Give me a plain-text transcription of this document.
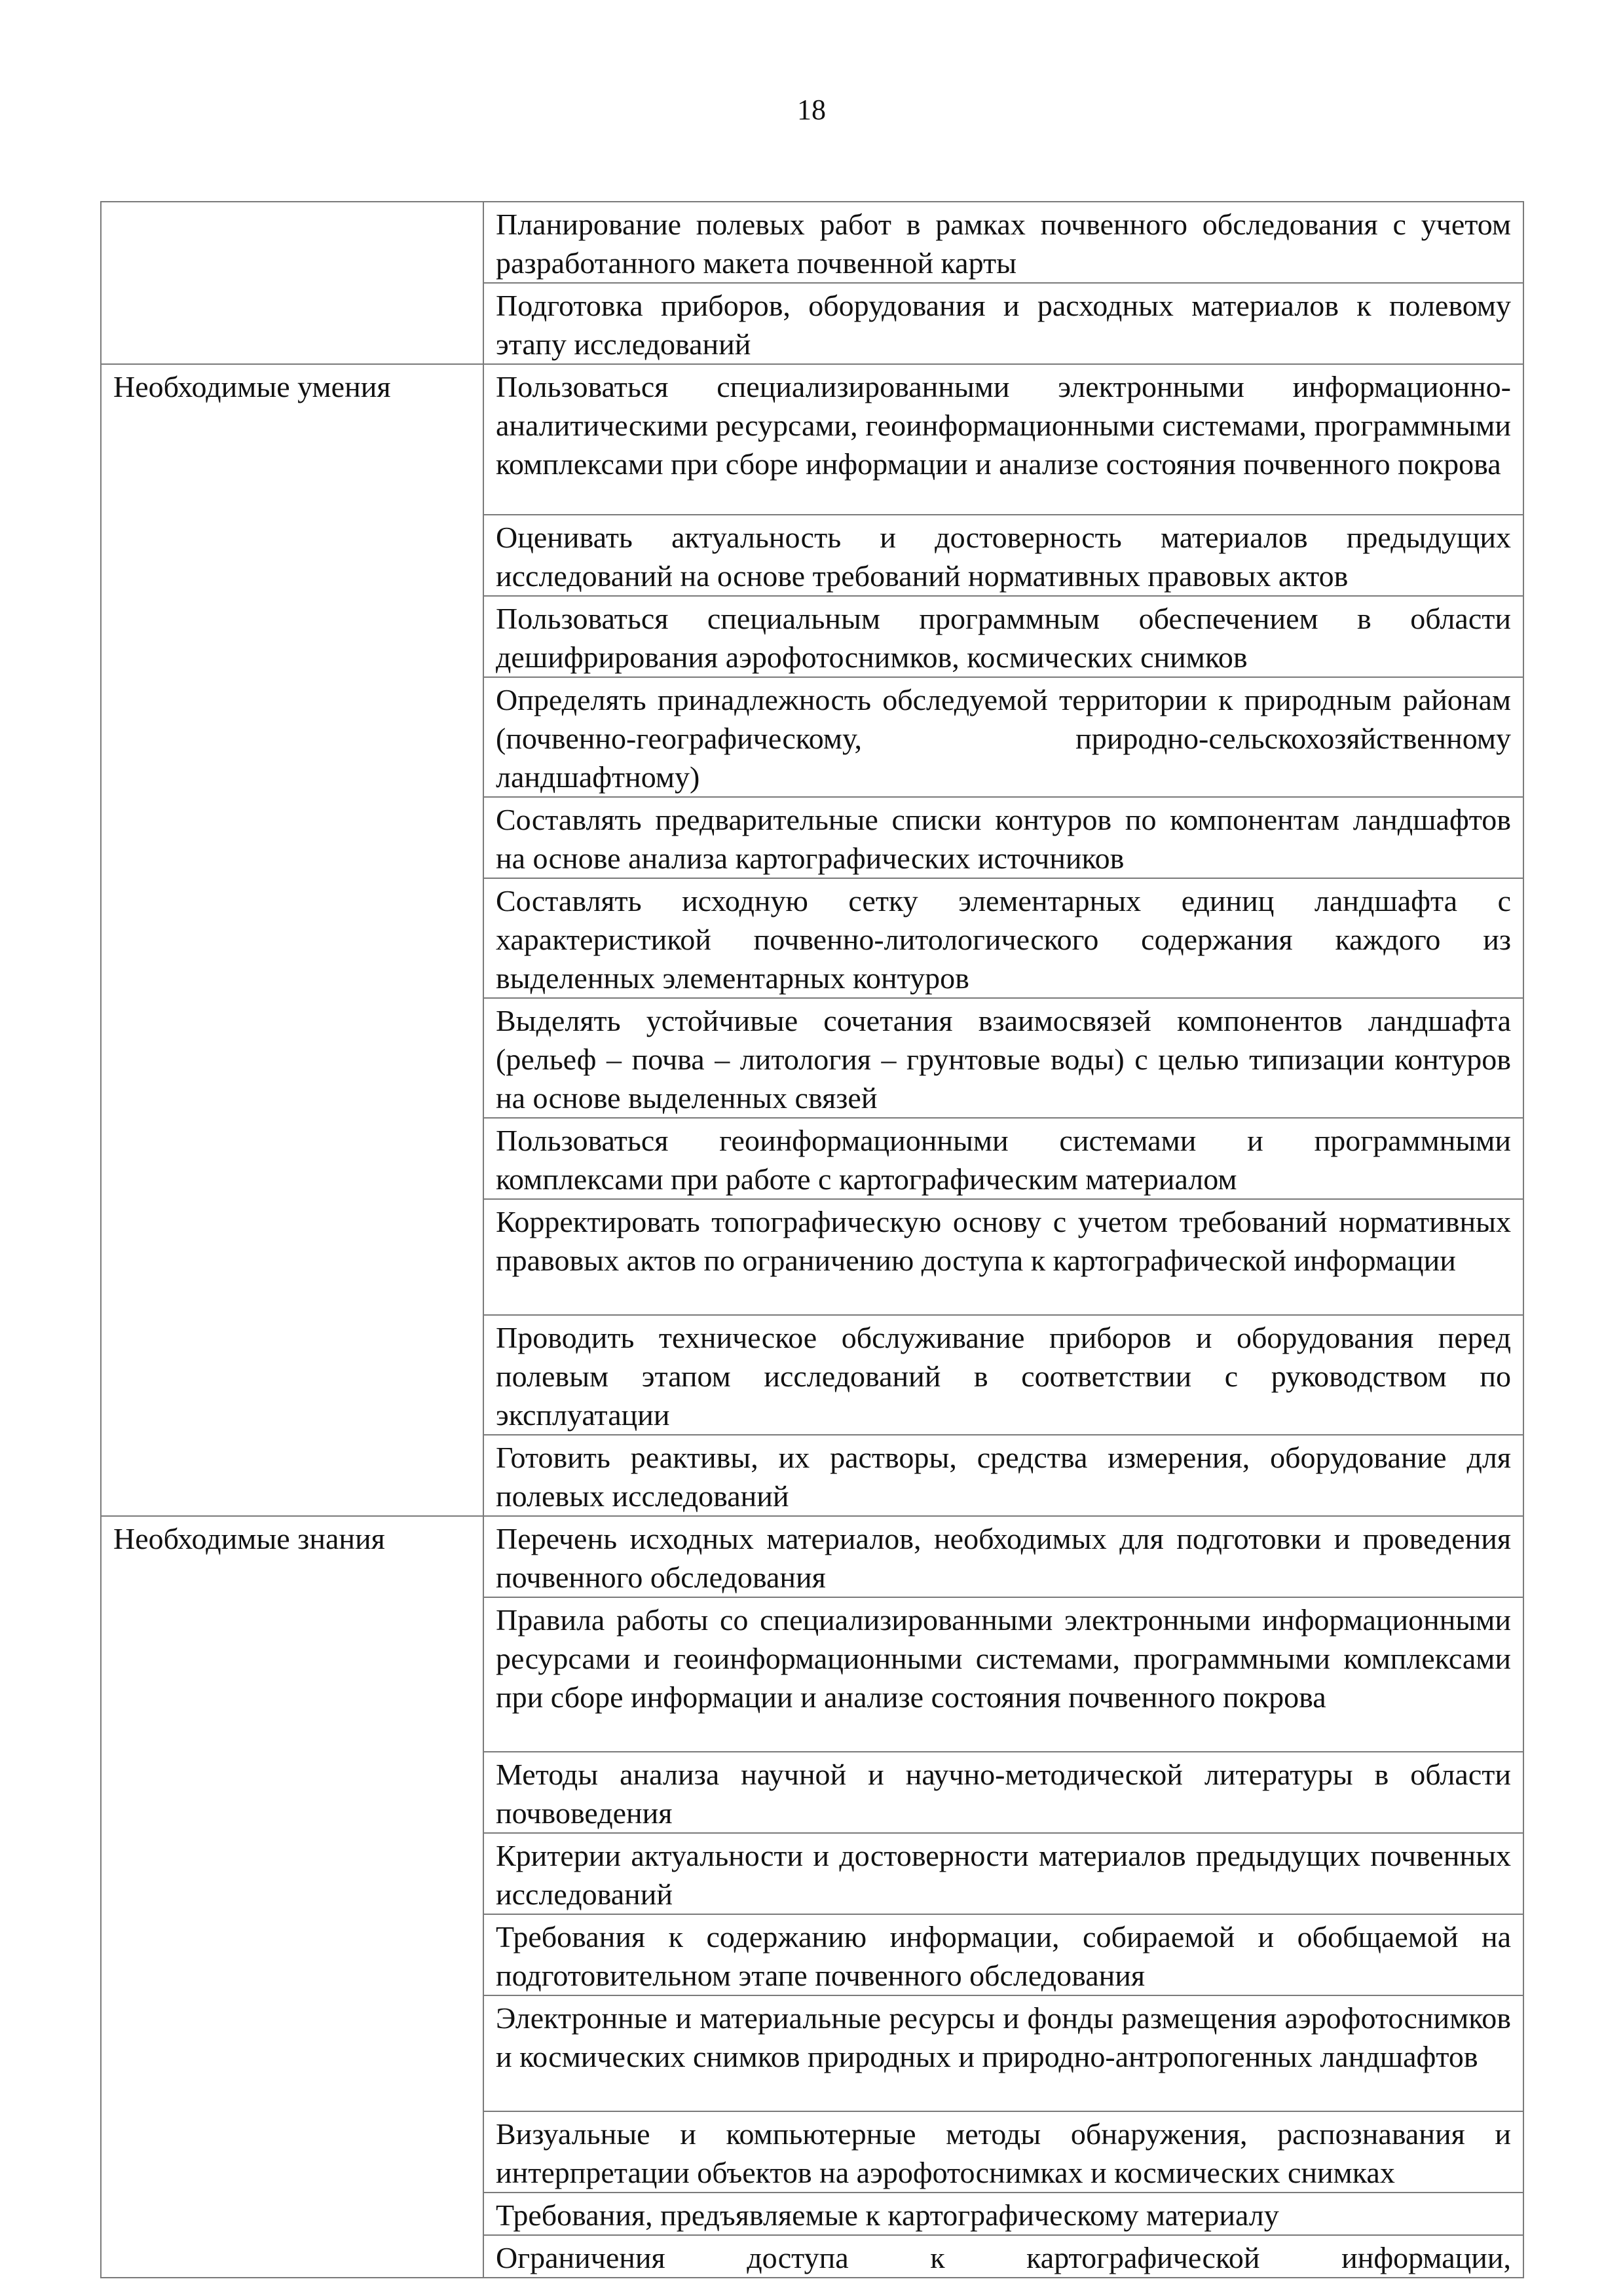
18
	Планирование полевых работ в рамках почвенного обследования с учетом разработанного макета почвенной карты
	Подготовка приборов, оборудования и расходных материалов к полевому этапу исследований
Необходимые умения	Пользоваться специализированными электронными информационно-аналитическими ресурсами, геоинформационными системами, программными комплексами при сборе информации и анализе состояния почвенного покрова
	Оценивать актуальность и достоверность материалов предыдущих исследований на основе требований нормативных правовых актов
	Пользоваться специальным программным обеспечением в области дешифрирования аэрофотоснимков, космических снимков
	Определять принадлежность обследуемой территории к природным районам (почвенно-географическому, природно-сельскохозяйственному ландшафтному)
	Составлять предварительные списки контуров по компонентам ландшафтов на основе анализа картографических источников
	Составлять исходную сетку элементарных единиц ландшафта с характеристикой почвенно-литологического содержания каждого из выделенных элементарных контуров
	Выделять устойчивые сочетания взаимосвязей компонентов ландшафта (рельеф – почва – литология – грунтовые воды) с целью типизации контуров на основе выделенных связей
	Пользоваться геоинформационными системами и программными комплексами при работе с картографическим материалом
	Корректировать топографическую основу с учетом требований нормативных правовых актов по ограничению доступа к картографической информации
	Проводить техническое обслуживание приборов и оборудования перед полевым этапом исследований в соответствии с руководством по эксплуатации
	Готовить реактивы, их растворы, средства измерения, оборудование для полевых исследований
Необходимые знания	Перечень исходных материалов, необходимых для подготовки и проведения почвенного обследования
	Правила работы со специализированными электронными информационными ресурсами и геоинформационными системами, программными комплексами при сборе информации и анализе состояния почвенного покрова
	Методы анализа научной и научно-методической литературы в области почвоведения
	Критерии актуальности и достоверности материалов предыдущих почвенных исследований
	Требования к содержанию информации, собираемой и обобщаемой на подготовительном этапе почвенного обследования
	Электронные и материальные ресурсы и фонды размещения аэрофотоснимков и космических снимков природных и природно-антропогенных ландшафтов
	Визуальные и компьютерные методы обнаружения, распознавания и интерпретации объектов на аэрофотоснимках и космических снимках
	Требования, предъявляемые к картографическому материалу
	Ограничения доступа к картографической информации,
